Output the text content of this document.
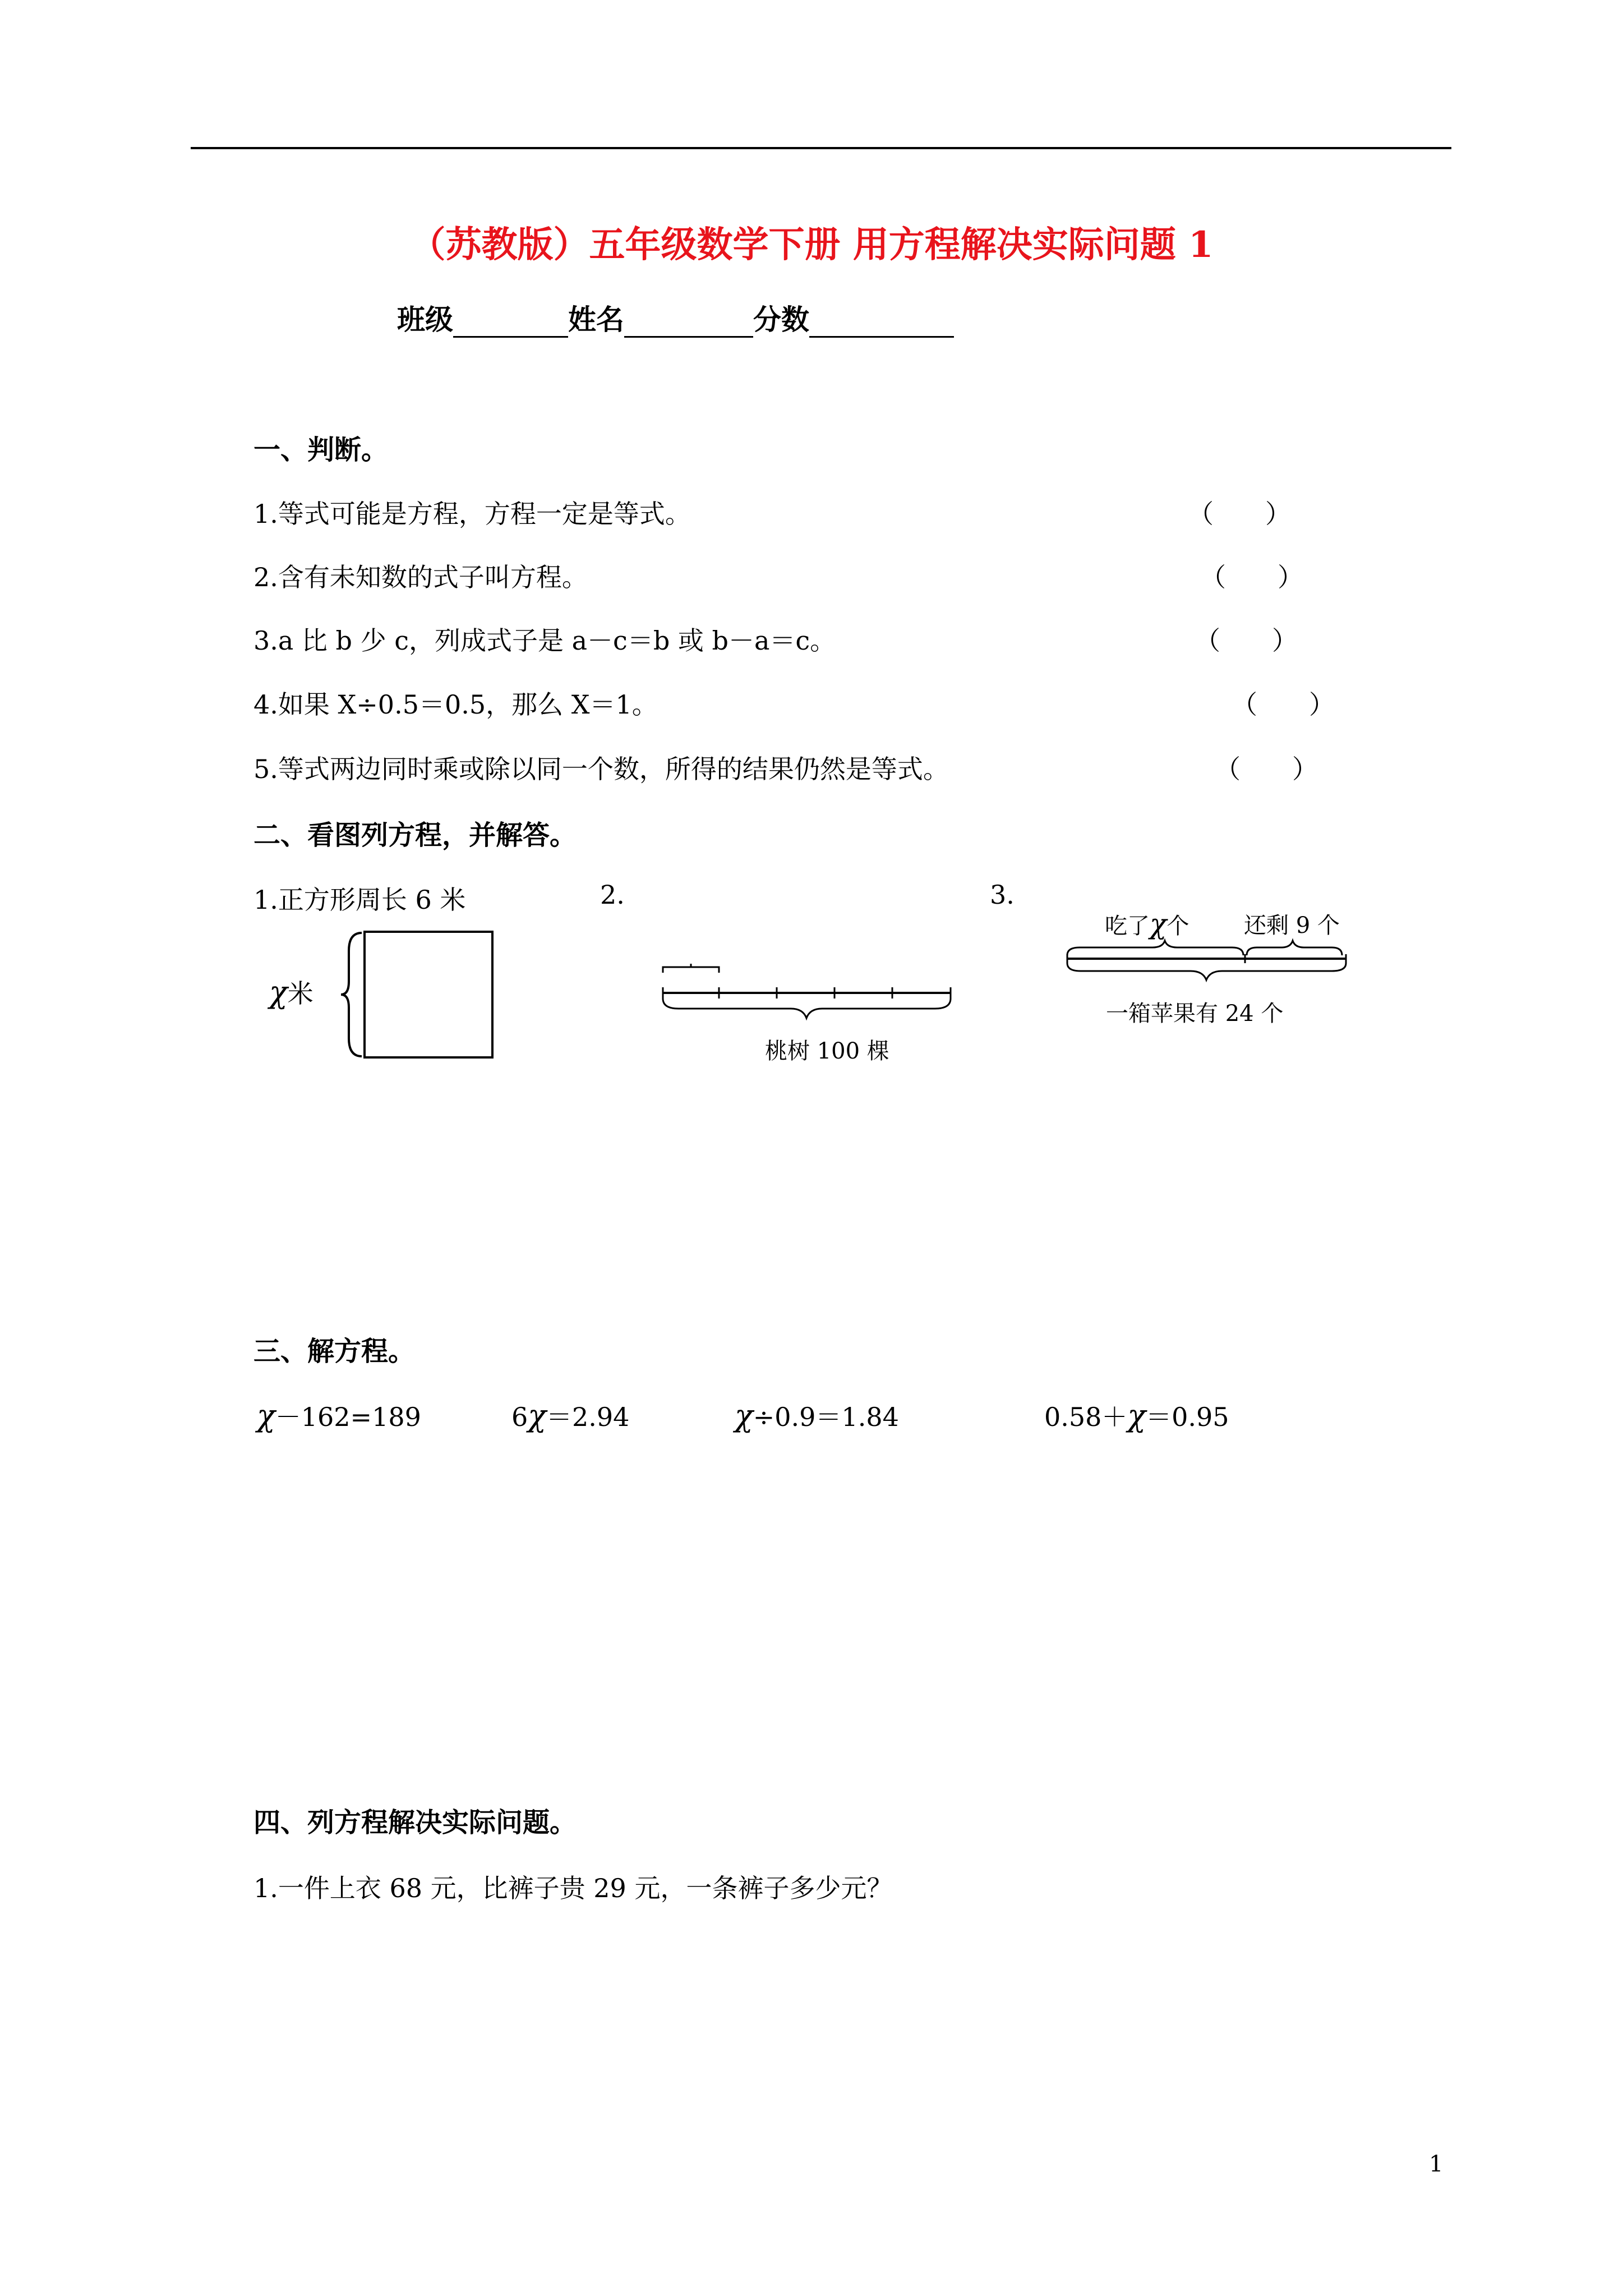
（苏教版）五年级数学下册 用方程解决实际问题 1
班级	姓名	分数
一、判断。
1.等式可能是方程，方程一定是等式。	（　　）
2.含有未知数的式子叫方程。	（　　）
3.a 比 b 少 c，列成式子是 a－c＝b 或 b－a＝c。	（　　）
4.如果 X÷0.5＝0.5，那么 X＝1。	（　　）
5.等式两边同时乘或除以同一个数，所得的结果仍然是等式。	（　　）
二、看图列方程，并解答。
1.正方形周长 6 米
χ米
2.
桃树 100 棵
3.
吃了χ个 还剩 9 个
一箱苹果有 24 个
三、解方程。
χ－162=189	6χ＝2.94	χ÷0.9＝1.84	0.58＋χ＝0.95
四、列方程解决实际问题。
1.一件上衣 68 元，比裤子贵 29 元，一条裤子多少元？
1
